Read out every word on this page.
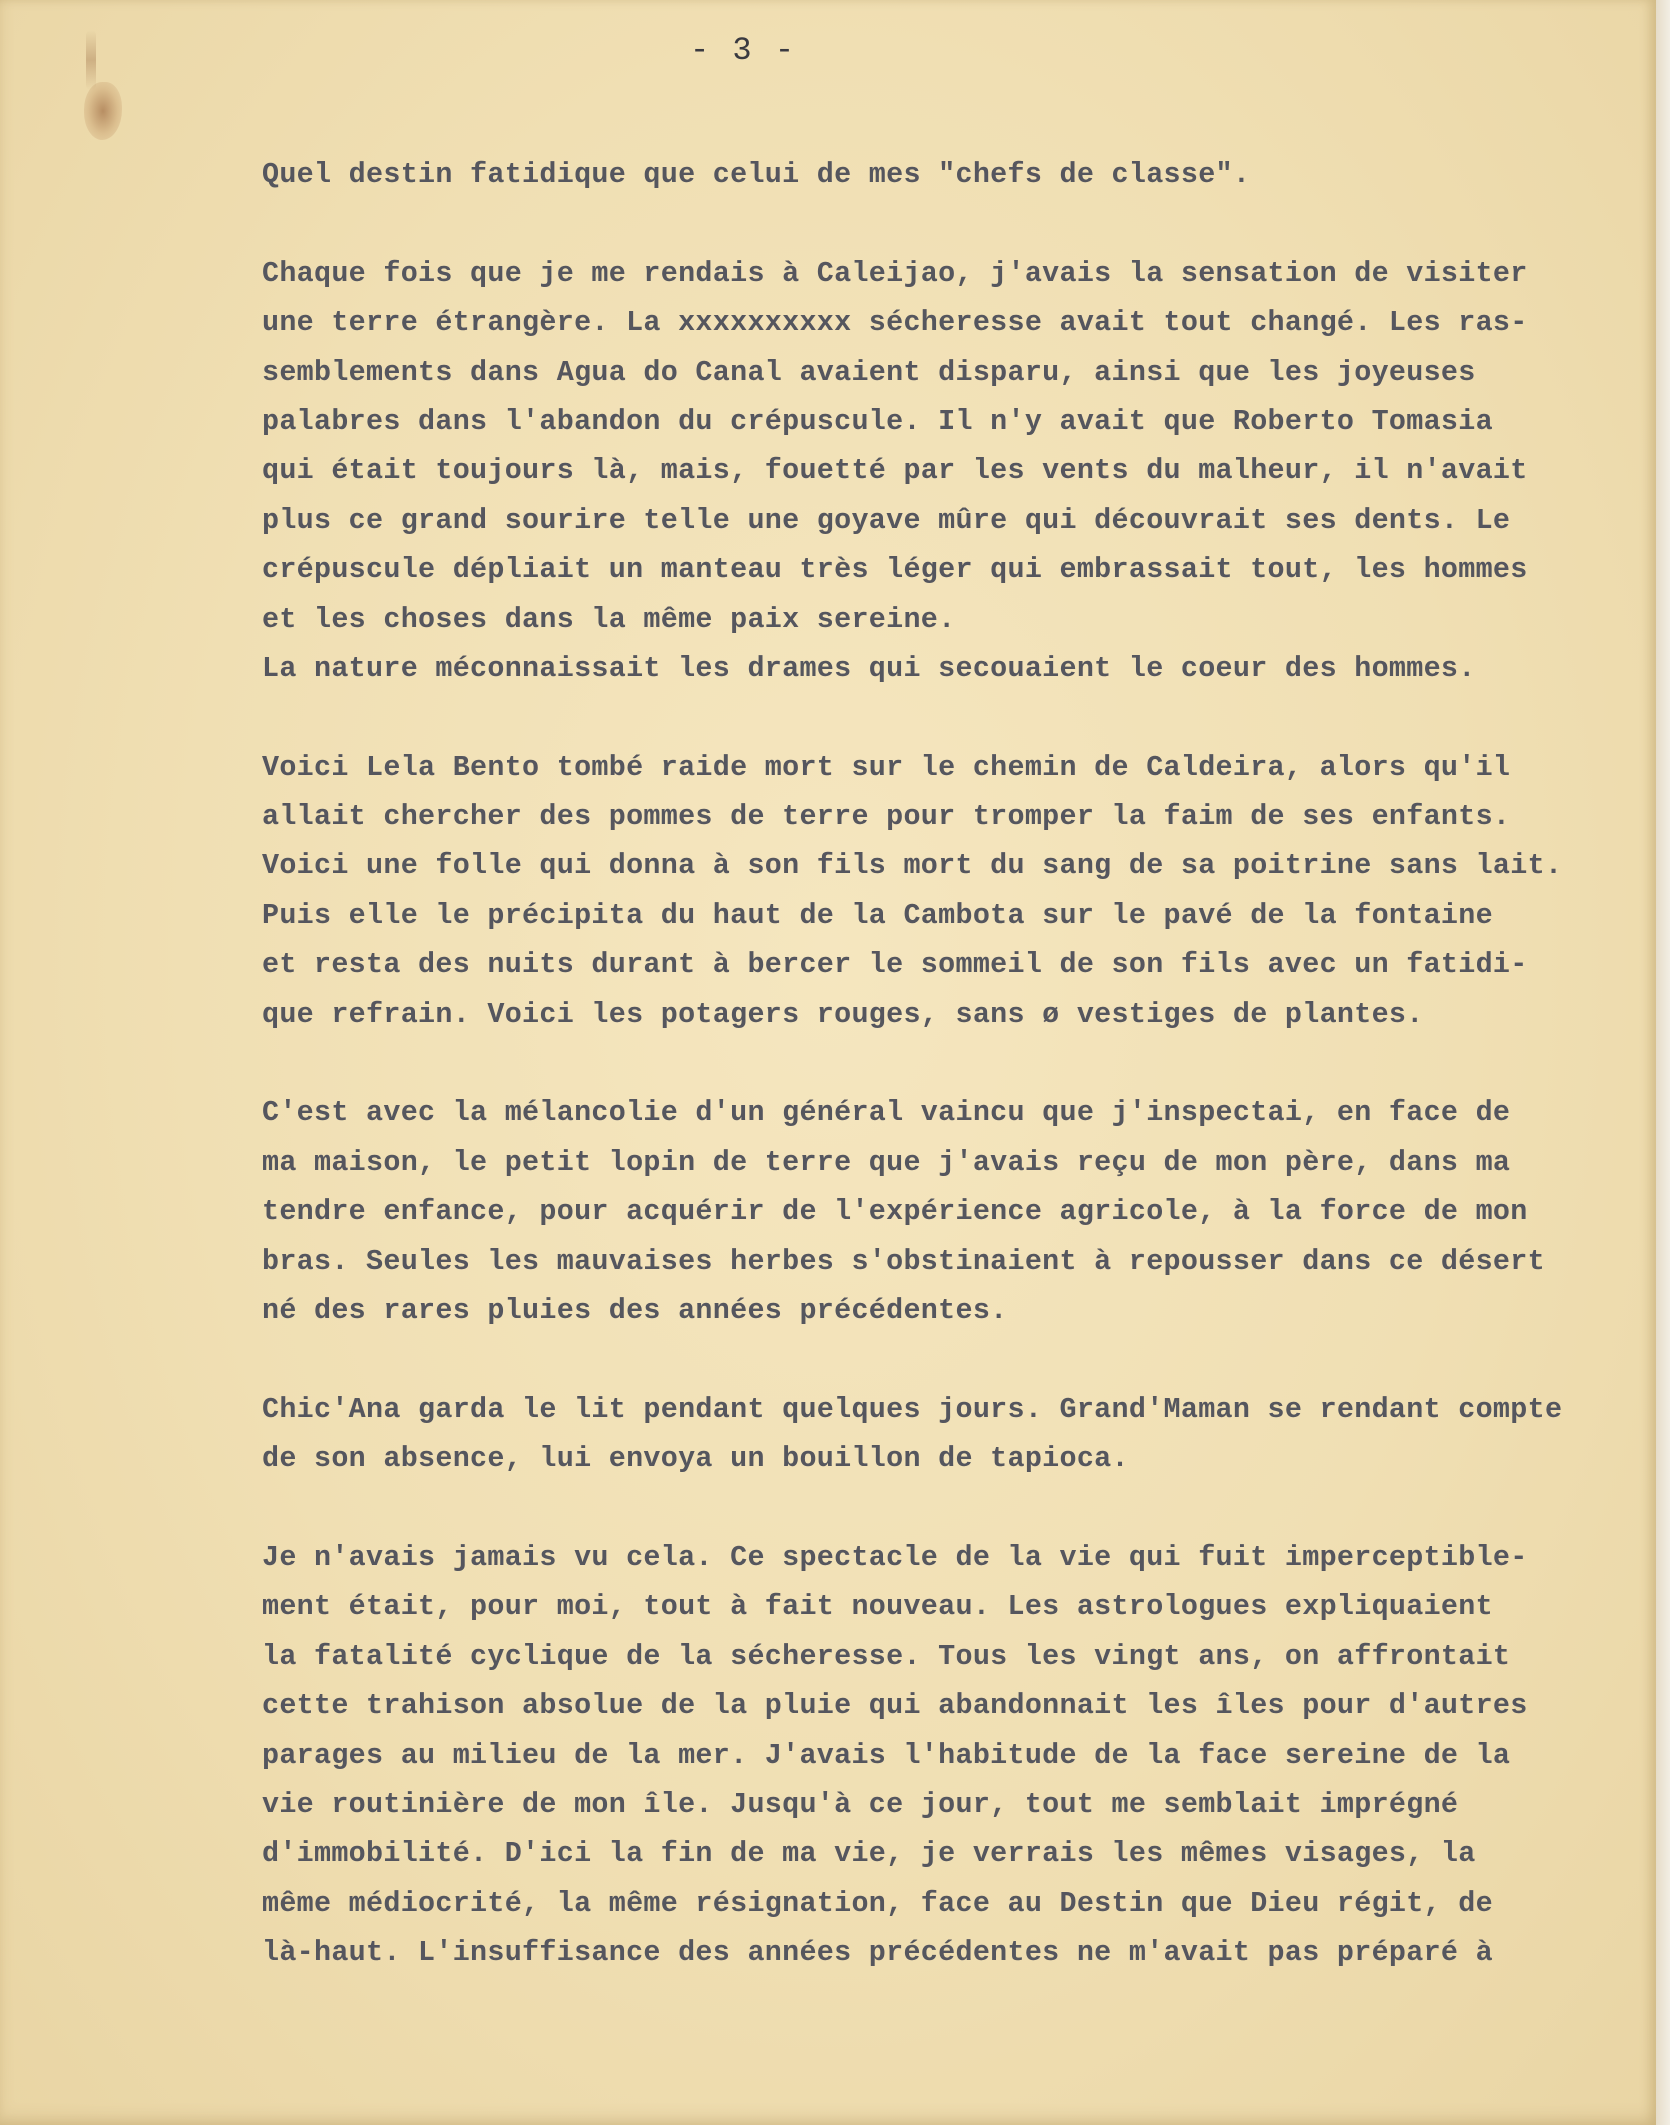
- 3 -

Quel destin fatidique que celui de mes "chefs de classe".

Chaque fois que je me rendais à Caleijao, j'avais la sensation de visiter

une terre étrangère. La xxxxxxxxxx sécheresse avait tout changé. Les ras-

semblements dans Agua do Canal avaient disparu, ainsi que les joyeuses

palabres dans l'abandon du crépuscule. Il n'y avait que Roberto Tomasia

qui était toujours là, mais, fouetté par les vents du malheur, il n'avait

plus ce grand sourire telle une goyave mûre qui découvrait ses dents. Le

crépuscule dépliait un manteau très léger qui embrassait tout, les hommes

et les choses dans la même paix sereine.

La nature méconnaissait les drames qui secouaient le coeur des hommes.

Voici Lela Bento tombé raide mort sur le chemin de Caldeira, alors qu'il

allait chercher des pommes de terre pour tromper la faim de ses enfants.

Voici une folle qui donna à son fils mort du sang de sa poitrine sans lait.

Puis elle le précipita du haut de la Cambota sur le pavé de la fontaine

et resta des nuits durant à bercer le sommeil de son fils avec un fatidi-

que refrain. Voici les potagers rouges, sans ø vestiges de plantes.

C'est avec la mélancolie d'un général vaincu que j'inspectai, en face de

ma maison, le petit lopin de terre que j'avais reçu de mon père, dans ma

tendre enfance, pour acquérir de l'expérience agricole, à la force de mon

bras. Seules les mauvaises herbes s'obstinaient à repousser dans ce désert

né des rares pluies des années précédentes.

Chic'Ana garda le lit pendant quelques jours. Grand'Maman se rendant compte

de son absence, lui envoya un bouillon de tapioca.

Je n'avais jamais vu cela. Ce spectacle de la vie qui fuit imperceptible-

ment était, pour moi, tout à fait nouveau. Les astrologues expliquaient

la fatalité cyclique de la sécheresse. Tous les vingt ans, on affrontait

cette trahison absolue de la pluie qui abandonnait les îles pour d'autres

parages au milieu de la mer. J'avais l'habitude de la face sereine de la

vie routinière de mon île. Jusqu'à ce jour, tout me semblait imprégné

d'immobilité. D'ici la fin de ma vie, je verrais les mêmes visages, la

même médiocrité, la même résignation, face au Destin que Dieu régit, de

là-haut. L'insuffisance des années précédentes ne m'avait pas préparé à
